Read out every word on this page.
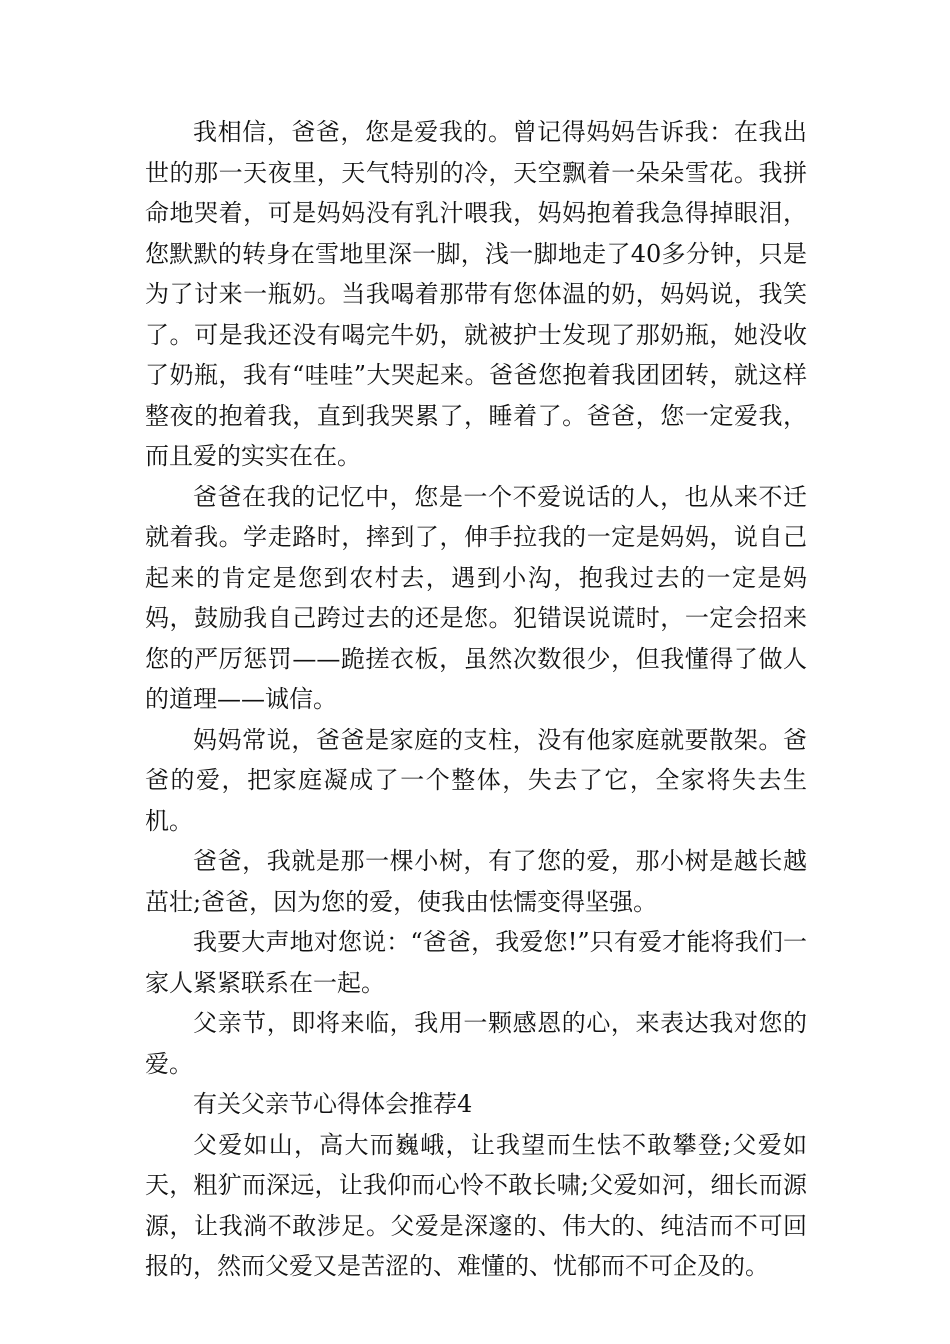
我相信，爸爸，您是爱我的。曾记得妈妈告诉我：在我出世的那一天夜里，天气特别的冷，天空飘着一朵朵雪花。我拼命地哭着，可是妈妈没有乳汁喂我，妈妈抱着我急得掉眼泪，您默默的转身在雪地里深一脚，浅一脚地走了40多分钟，只是为了讨来一瓶奶。当我喝着那带有您体温的奶，妈妈说，我笑了。可是我还没有喝完牛奶，就被护士发现了那奶瓶，她没收了奶瓶，我有“哇哇”大哭起来。爸爸您抱着我团团转，就这样整夜的抱着我，直到我哭累了，睡着了。爸爸，您一定爱我，而且爱的实实在在。

爸爸在我的记忆中，您是一个不爱说话的人，也从来不迁就着我。学走路时，摔到了，伸手拉我的一定是妈妈，说自己起来的肯定是您到农村去，遇到小沟，抱我过去的一定是妈妈，鼓励我自己跨过去的还是您。犯错误说谎时，一定会招来您的严厉惩罚——跪搓衣板，虽然次数很少，但我懂得了做人的道理——诚信。

妈妈常说，爸爸是家庭的支柱，没有他家庭就要散架。爸爸的爱，把家庭凝成了一个整体，失去了它，全家将失去生机。

爸爸，我就是那一棵小树，有了您的爱，那小树是越长越茁壮;爸爸，因为您的爱，使我由怯懦变得坚强。

我要大声地对您说：“爸爸，我爱您!”只有爱才能将我们一家人紧紧联系在一起。

父亲节，即将来临，我用一颗感恩的心，来表达我对您的爱。

有关父亲节心得体会推荐4

父爱如山，高大而巍峨，让我望而生怯不敢攀登;父爱如天，粗犷而深远，让我仰而心怜不敢长啸;父爱如河，细长而源源，让我淌不敢涉足。父爱是深邃的、伟大的、纯洁而不可回报的，然而父爱又是苦涩的、难懂的、忧郁而不可企及的。
